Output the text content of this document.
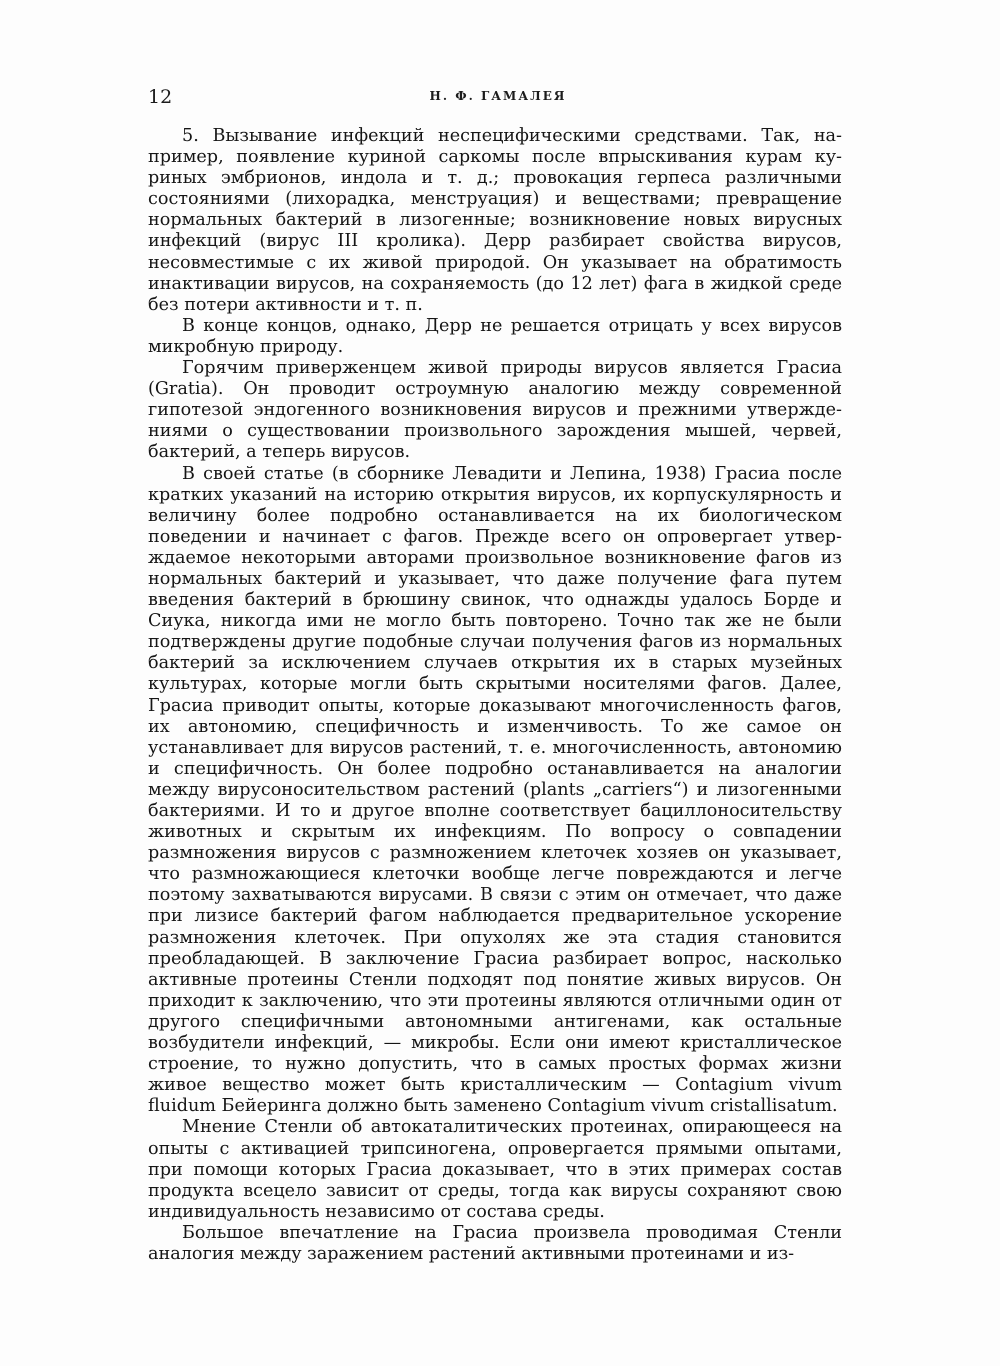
12	Н. Ф. ГАМАЛЕЯ

5. Вызывание инфекций неспецифическими средствами. Так, например, появление куриной саркомы после впрыскивания курам куриных эмбрионов, индола и т. д.; провокация герпеса различными состояниями (лихорадка, менструация) и веществами; превращение нормальных бактерий в лизогенные; возникновение новых вирусных инфекций (вирус III кролика). Дерр разбирает свойства вирусов, несовместимые с их живой природой. Он указывает на обратимость инактивации вирусов, на сохраняемость (до 12 лет) фага в жидкой среде без потери активности и т. п.

В конце концов, однако, Дерр не решается отрицать у всех вирусов микробную природу.

Горячим приверженцем живой природы вирусов является Грасиа (Gratia). Он проводит остроумную аналогию между современной гипотезой эндогенного возникновения вирусов и прежними утверждениями о существовании произвольного зарождения мышей, червей, бактерий, а теперь вирусов.

В своей статье (в сборнике Левадити и Лепина, 1938) Грасиа после кратких указаний на историю открытия вирусов, их корпускулярность и величину более подробно останавливается на их биологическом поведении и начинает с фагов. Прежде всего он опровергает утверждаемое некоторыми авторами произвольное возникновение фагов из нормальных бактерий и указывает, что даже получение фага путем введения бактерий в брюшину свинок, что однажды удалось Борде и Сиука, никогда ими не могло быть повторено. Точно так же не были подтверждены другие подобные случаи получения фагов из нормальных бактерий за исключением случаев открытия их в старых музейных культурах, которые могли быть скрытыми носителями фагов. Далее, Грасиа приводит опыты, которые доказывают многочисленность фагов, их автономию, специфичность и изменчивость. То же самое он устанавливает для вирусов растений, т. е. многочисленность, автономию и специфичность. Он более подробно останавливается на аналогии между вирусоносительством растений (plants „carriers“) и лизогенными бактериями. И то и другое вполне соответствует бациллоносительству животных и скрытым их инфекциям. По вопросу о совпадении размножения вирусов с размножением клеточек хозяев он указывает, что размножающиеся клеточки вообще легче повреждаются и легче поэтому захватываются вирусами. В связи с этим он отмечает, что даже при лизисе бактерий фагом наблюдается предварительное ускорение размножения клеточек. При опухолях же эта стадия становится преобладающей. В заключение Грасиа разбирает вопрос, насколько активные протеины Стенли подходят под понятие живых вирусов. Он приходит к заключению, что эти протеины являются отличными один от другого специфичными автономными антигенами, как остальные возбудители инфекций, — микробы. Если они имеют кристаллическое строение, то нужно допустить, что в самых простых формах жизни живое вещество может быть кристаллическим — Contagium vivum fluidum Бейеринга должно быть заменено Contagium vivum cristallisatum.

Мнение Стенли об автокаталитических протеинах, опирающееся на опыты с активацией трипсиногена, опровергается прямыми опытами, при помощи которых Грасиа доказывает, что в этих примерах состав продукта всецело зависит от среды, тогда как вирусы сохраняют свою индивидуальность независимо от состава среды.

Большое впечатление на Грасиа произвела проводимая Стенли аналогия между заражением растений активными протеинами и из-
